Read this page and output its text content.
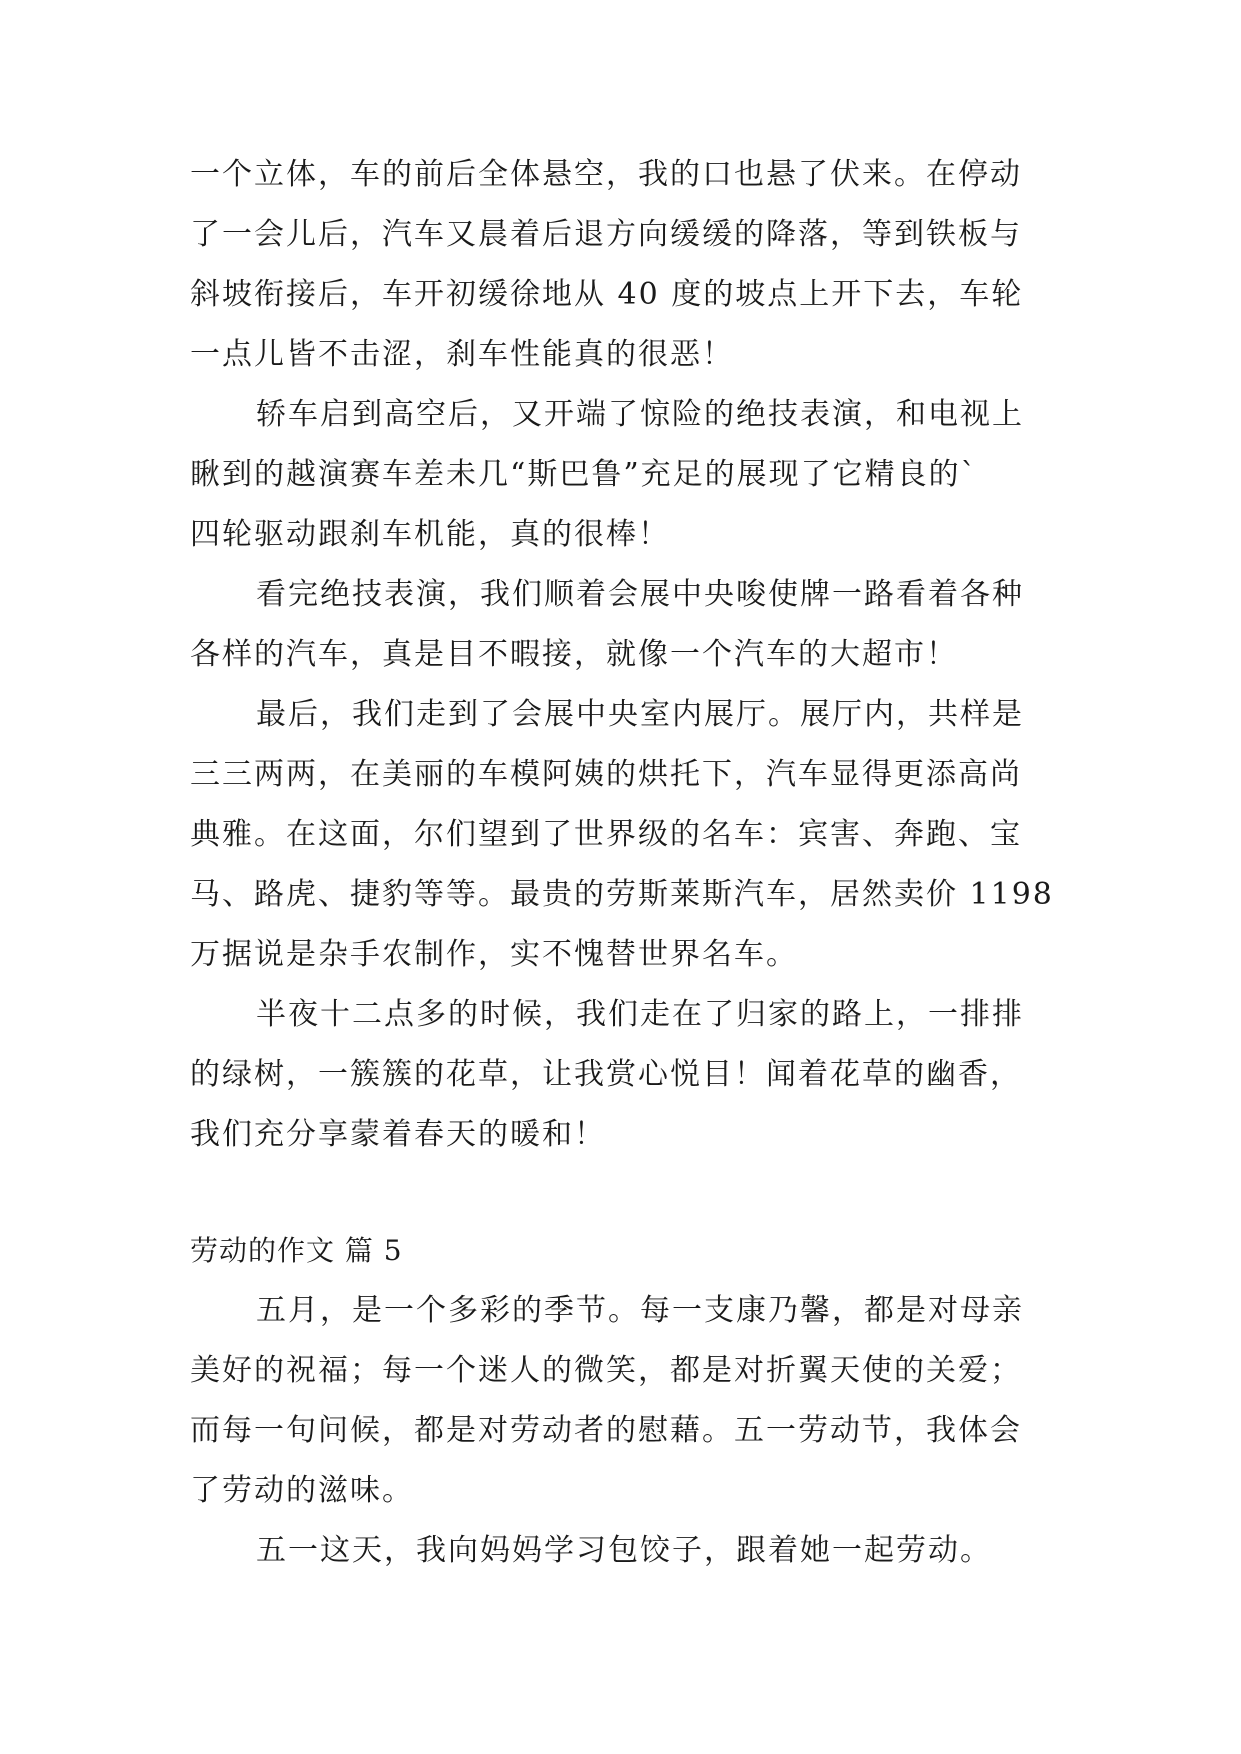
一个立体，车的前后全体悬空，我的口也悬了伏来。在停动
了一会儿后，汽车又晨着后退方向缓缓的降落，等到铁板与
斜坡衔接后，车开初缓徐地从 40 度的坡点上开下去，车轮
一点儿皆不击涩，刹车性能真的很恶！
轿车启到高空后，又开端了惊险的绝技表演，和电视上
瞅到的越演赛车差未几“斯巴鲁”充足的展现了它精良的`
四轮驱动跟刹车机能，真的很棒！
看完绝技表演，我们顺着会展中央唆使牌一路看着各种
各样的汽车，真是目不暇接，就像一个汽车的大超市！
最后，我们走到了会展中央室内展厅。展厅内，共样是
三三两两，在美丽的车模阿姨的烘托下，汽车显得更添高尚
典雅。在这面，尔们望到了世界级的名车：宾害、奔跑、宝
马、路虎、捷豹等等。最贵的劳斯莱斯汽车，居然卖价 1198
万据说是杂手农制作，实不愧替世界名车。
半夜十二点多的时候，我们走在了归家的路上，一排排
的绿树，一簇簇的花草，让我赏心悦目！闻着花草的幽香，
我们充分享蒙着春天的暖和！
劳动的作文 篇 5
五月，是一个多彩的季节。每一支康乃馨，都是对母亲
美好的祝福；每一个迷人的微笑，都是对折翼天使的关爱；
而每一句问候，都是对劳动者的慰藉。五一劳动节，我体会
了劳动的滋味。
五一这天，我向妈妈学习包饺子，跟着她一起劳动。
